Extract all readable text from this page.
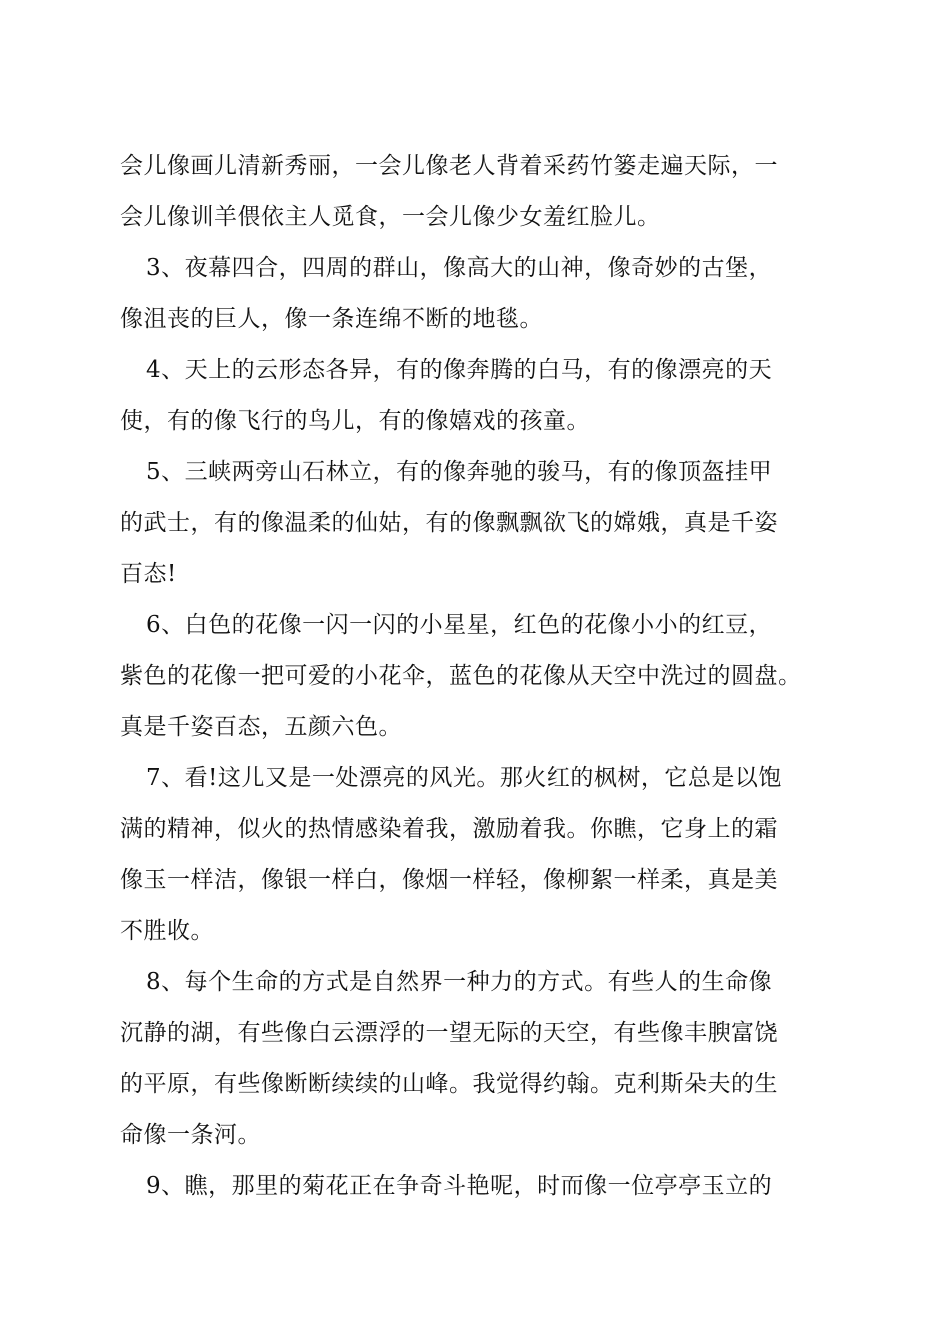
会儿像画儿清新秀丽，一会儿像老人背着采药竹篓走遍天际，一
会儿像训羊偎依主人觅食，一会儿像少女羞红脸儿。
3、夜幕四合，四周的群山，像高大的山神，像奇妙的古堡，
像沮丧的巨人，像一条连绵不断的地毯。
4、天上的云形态各异，有的像奔腾的白马，有的像漂亮的天
使，有的像飞行的鸟儿，有的像嬉戏的孩童。
5、三峡两旁山石林立，有的像奔驰的骏马，有的像顶盔挂甲
的武士，有的像温柔的仙姑，有的像飘飘欲飞的嫦娥，真是千姿
百态!
6、白色的花像一闪一闪的小星星，红色的花像小小的红豆，
紫色的花像一把可爱的小花伞，蓝色的花像从天空中洗过的圆盘。
真是千姿百态，五颜六色。
7、看!这儿又是一处漂亮的风光。那火红的枫树，它总是以饱
满的精神，似火的热情感染着我，激励着我。你瞧，它身上的霜
像玉一样洁，像银一样白，像烟一样轻，像柳絮一样柔，真是美
不胜收。
8、每个生命的方式是自然界一种力的方式。有些人的生命像
沉静的湖，有些像白云漂浮的一望无际的天空，有些像丰腴富饶
的平原，有些像断断续续的山峰。我觉得约翰。克利斯朵夫的生
命像一条河。
9、瞧，那里的菊花正在争奇斗艳呢，时而像一位亭亭玉立的
